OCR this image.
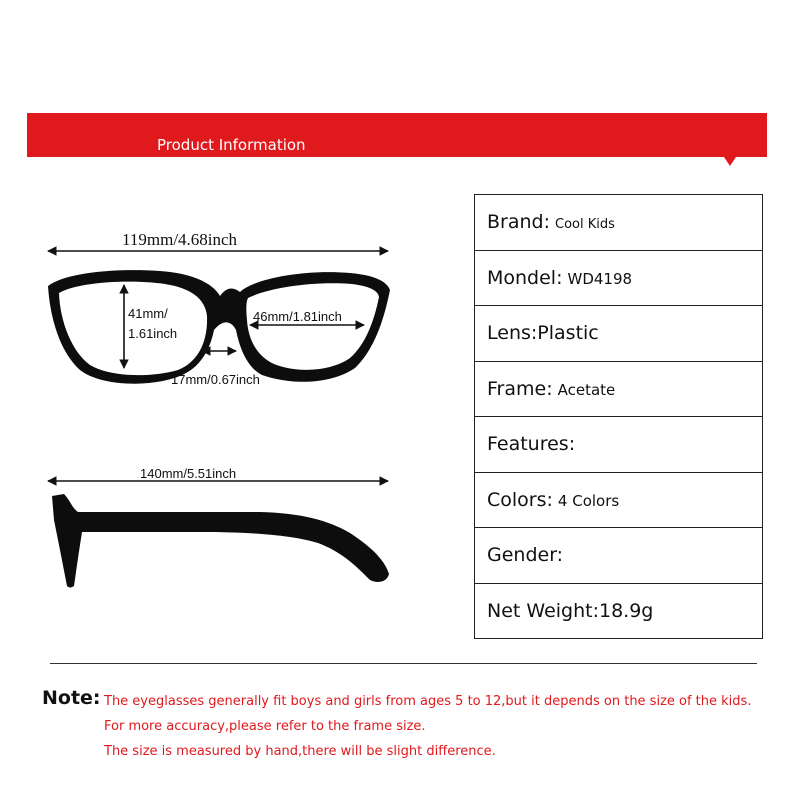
Product Information
119mm/4.68inch
41mm/
1.61inch
46mm/1.81inch
17mm/0.67inch
140mm/5.51inch
Brand: Cool Kids
Mondel: WD4198
Lens:Plastic
Frame: Acetate
Features:
Colors: 4 Colors
Gender:
Net Weight:18.9g
Note: The eyeglasses generally fit boys and girls from ages 5 to 12,but it depends on the size of the kids.
For more accuracy,please refer to the frame size.
The size is measured by hand,there will be slight difference.
